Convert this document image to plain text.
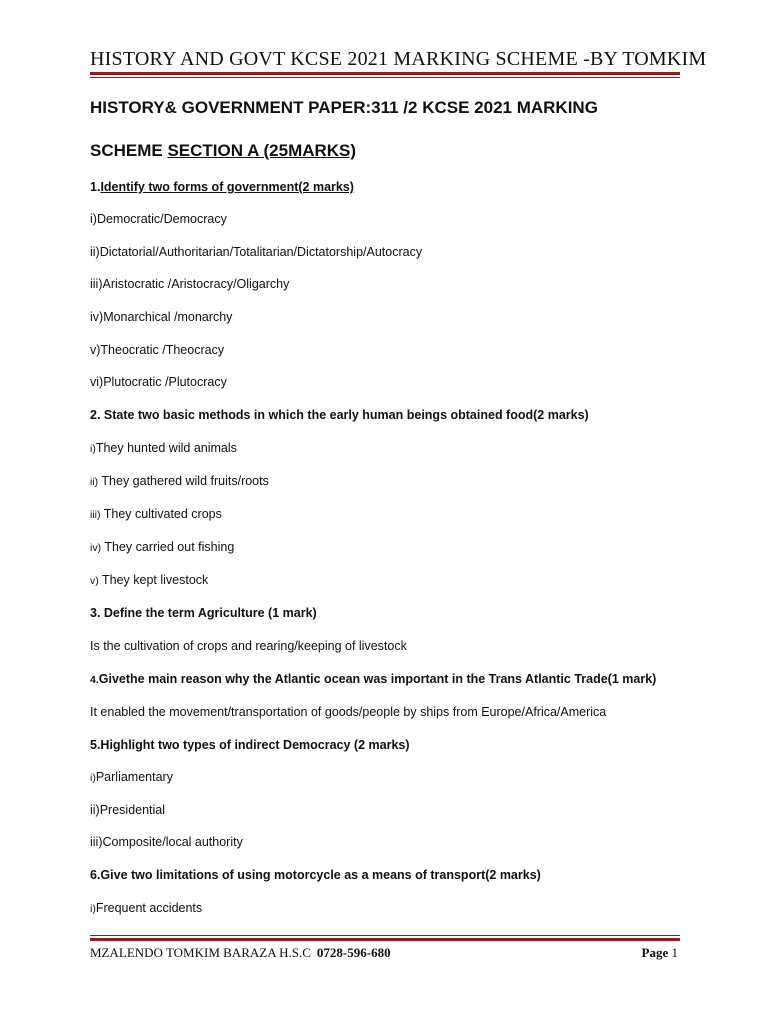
HISTORY AND GOVT KCSE 2021 MARKING SCHEME -BY TOMKIM
HISTORY& GOVERNMENT PAPER:311 /2 KCSE 2021 MARKING
SCHEME SECTION A (25MARKS)
1.Identify two forms of government(2 marks)
i)Democratic/Democracy
ii)Dictatorial/Authoritarian/Totalitarian/Dictatorship/Autocracy
iii)Aristocratic /Aristocracy/Oligarchy
iv)Monarchical /monarchy
v)Theocratic /Theocracy
vi)Plutocratic /Plutocracy
2. State two basic methods in which the early human beings obtained food(2 marks)
i)They hunted wild animals
ii) They gathered wild fruits/roots
iii) They cultivated crops
iv) They carried out fishing
v) They kept livestock
3. Define the term Agriculture (1 mark)
Is the cultivation of crops and rearing/keeping of livestock
4.Givethe main reason why the Atlantic ocean was important in the Trans Atlantic Trade(1 mark)
It enabled the movement/transportation of goods/people by ships from Europe/Africa/America
5.Highlight two types of indirect Democracy (2 marks)
i)Parliamentary
ii)Presidential
iii)Composite/local authority
6.Give two limitations of using motorcycle as a means of transport(2 marks)
i)Frequent accidents
MZALENDO TOMKIM BARAZA H.S.C 0728-596-680	Page 1
